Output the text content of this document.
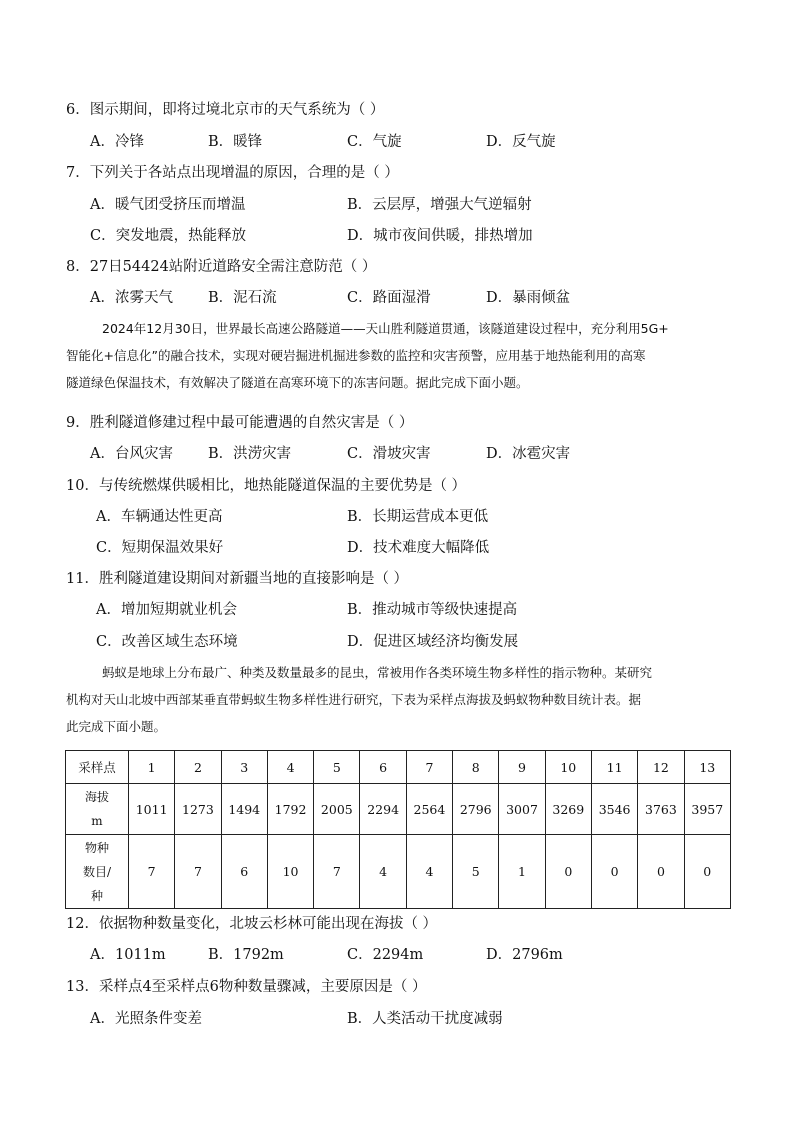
6．图示期间，即将过境北京市的天气系统为（ ）
A．冷锋	B．暖锋	C．气旋	D．反气旋
7．下列关于各站点出现增温的原因，合理的是（ ）
A．暖气团受挤压而增温	B．云层厚，增强大气逆辐射
C．突发地震，热能释放	D．城市夜间供暖，排热增加
8．27日54424站附近道路安全需注意防范（ ）
A．浓雾天气 B．泥石流	C．路面湿滑	D．暴雨倾盆
2024年12月30日，世界最长高速公路隧道——天山胜利隧道贯通，该隧道建设过程中，充分利用5G+
智能化+信息化”的融合技术，实现对硬岩掘进机掘进参数的监控和灾害预警，应用基于地热能利用的高寒
隧道绿色保温技术，有效解决了隧道在高寒环境下的冻害问题。据此完成下面小题。
9．胜利隧道修建过程中最可能遭遇的自然灾害是（ ）
A．台风灾害 B．洪涝灾害	C．滑坡灾害	D．冰雹灾害
10．与传统燃煤供暖相比，地热能隧道保温的主要优势是（ ）
A．车辆通达性更高	B．长期运营成本更低
C．短期保温效果好	D．技术难度大幅降低
11．胜利隧道建设期间对新疆当地的直接影响是（ ）
A．增加短期就业机会	B．推动城市等级快速提高
C．改善区域生态环境	D．促进区域经济均衡发展
蚂蚁是地球上分布最广、种类及数量最多的昆虫，常被用作各类环境生物多样性的指示物种。某研究
机构对天山北坡中西部某垂直带蚂蚁生物多样性进行研究，下表为采样点海拔及蚂蚁物种数目统计表。据
此完成下面小题。
采样点	1	2	3	4	5	6	7	8	9	10	11	12	13

海拔
m	1011	1273	1494	1792	2005	2294	2564	2796	3007	3269	3546	3763	3957

物种
数目/
种	7	7	6	10	7	4	4	5	1	0	0	0	0
12．依据物种数量变化，北坡云杉林可能出现在海拔（ ）
A．1011m	B．1792m	C．2294m	D．2796m
13．采样点4至采样点6物种数量骤减，主要原因是（ ）
A．光照条件变差	B．人类活动干扰度减弱
